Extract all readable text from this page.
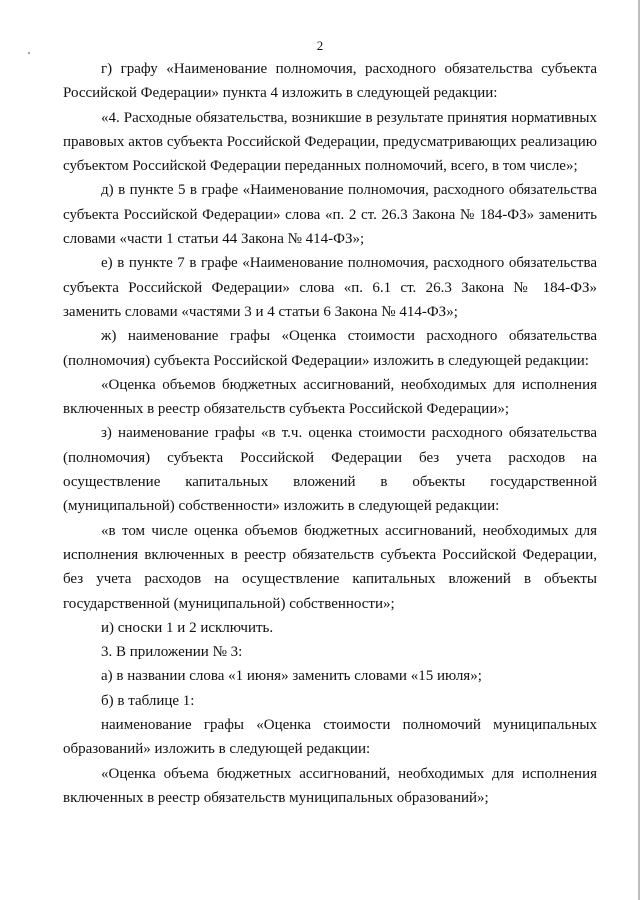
2

г) графу «Наименование полномочия, расходного обязательства субъекта Российской Федерации» пункта 4 изложить в следующей редакции:

«4. Расходные обязательства, возникшие в результате принятия нормативных правовых актов субъекта Российской Федерации, предусматривающих реализацию субъектом Российской Федерации переданных полномочий, всего, в том числе»;

д) в пункте 5 в графе «Наименование полномочия, расходного обязательства субъекта Российской Федерации» слова «п. 2 ст. 26.3 Закона № 184-ФЗ» заменить словами «части 1 статьи 44 Закона № 414-ФЗ»;

е) в пункте 7 в графе «Наименование полномочия, расходного обязательства субъекта Российской Федерации» слова «п. 6.1 ст. 26.3 Закона № 184-ФЗ» заменить словами «частями 3 и 4 статьи 6 Закона № 414-ФЗ»;

ж) наименование графы «Оценка стоимости расходного обязательства (полномочия) субъекта Российской Федерации» изложить в следующей редакции:

«Оценка объемов бюджетных ассигнований, необходимых для исполнения включенных в реестр обязательств субъекта Российской Федерации»;

з) наименование графы «в т.ч. оценка стоимости расходного обязательства (полномочия) субъекта Российской Федерации без учета расходов на осуществление капитальных вложений в объекты государственной (муниципальной) собственности» изложить в следующей редакции:

«в том числе оценка объемов бюджетных ассигнований, необходимых для исполнения включенных в реестр обязательств субъекта Российской Федерации, без учета расходов на осуществление капитальных вложений в объекты государственной (муниципальной) собственности»;

и) сноски 1 и 2 исключить.

3. В приложении № 3:

а) в названии слова «1 июня» заменить словами «15 июля»;

б) в таблице 1:

наименование графы «Оценка стоимости полномочий муниципальных образований» изложить в следующей редакции:

«Оценка объема бюджетных ассигнований, необходимых для исполнения включенных в реестр обязательств муниципальных образований»;
